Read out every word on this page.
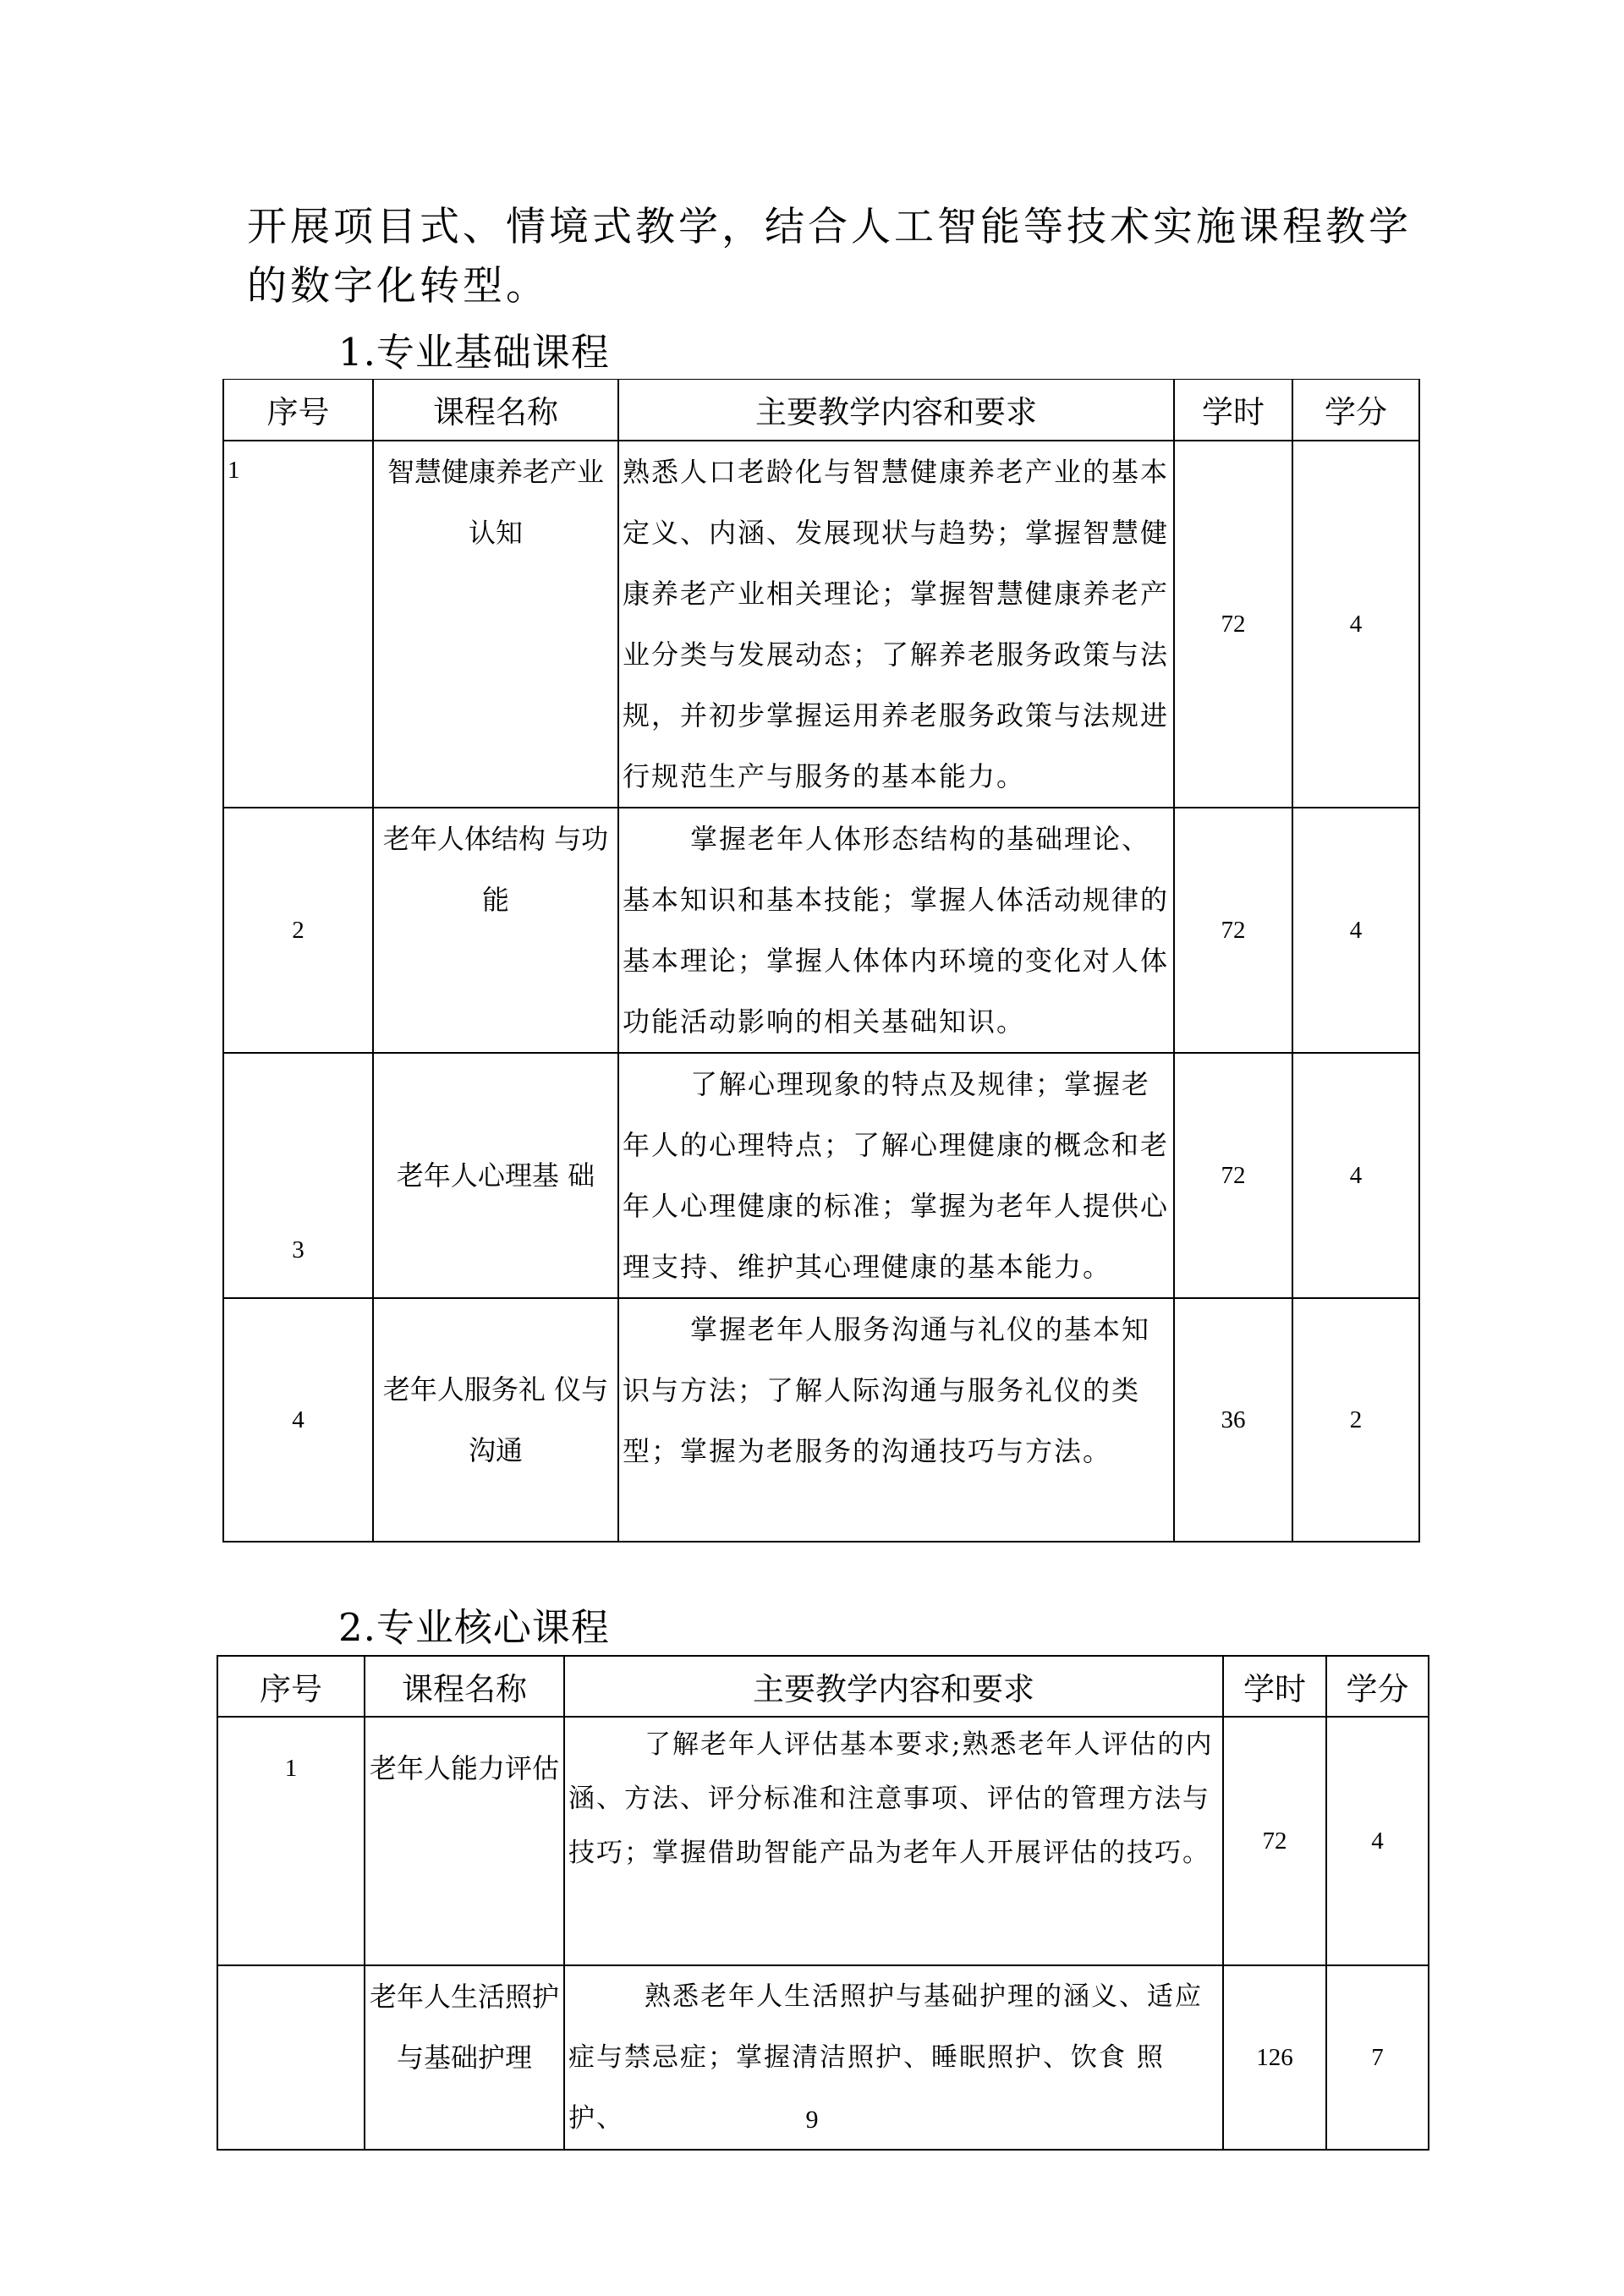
开展项目式、情境式教学，结合人工智能等技术实施课程教学的数字化转型。

1.专业基础课程

序号	课程名称	主要教学内容和要求	学时	学分
1	智慧健康养老产业认知	熟悉人口老龄化与智慧健康养老产业的基本定义、内涵、发展现状与趋势；掌握智慧健康养老产业相关理论；掌握智慧健康养老产业分类与发展动态；了解养老服务政策与法规，并初步掌握运用养老服务政策与法规进行规范生产与服务的基本能力。	72	4
2	老年人体结构 与功能	掌握老年人体形态结构的基础理论、基本知识和基本技能；掌握人体活动规律的基本理论；掌握人体体内环境的变化对人体功能活动影响的相关基础知识。	72	4
3	老年人心理基 础	了解心理现象的特点及规律；掌握老年人的心理特点；了解心理健康的概念和老年人心理健康的标准；掌握为老年人提供心理支持、维护其心理健康的基本能力。	72	4
4	老年人服务礼 仪与沟通	掌握老年人服务沟通与礼仪的基本知识与方法；了解人际沟通与服务礼仪的类型；掌握为老服务的沟通技巧与方法。	36	2

2.专业核心课程

序号	课程名称	主要教学内容和要求	学时	学分
1	老年人能力评估	了解老年人评估基本要求;熟悉老年人评估的内涵、方法、评分标准和注意事项、评估的管理方法与技巧；掌握借助智能产品为老年人开展评估的技巧。	72	4
	老年人生活照护与基础护理	熟悉老年人生活照护与基础护理的涵义、适应症与禁忌症；掌握清洁照护、睡眠照护、饮食 照护、	126	7
9
